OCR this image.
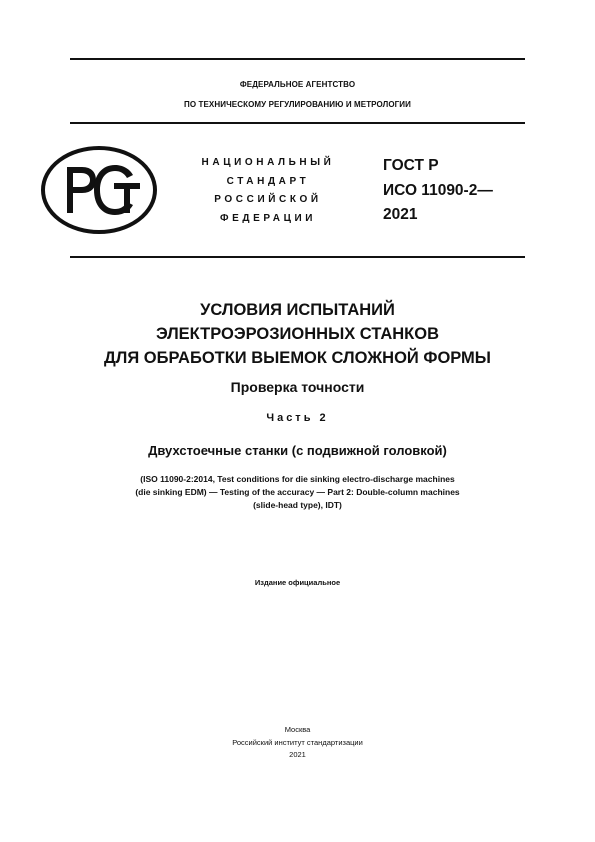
ФЕДЕРАЛЬНОЕ АГЕНТСТВО
ПО ТЕХНИЧЕСКОМУ РЕГУЛИРОВАНИЮ И МЕТРОЛОГИИ
НАЦИОНАЛЬНЫЙ
СТАНДАРТ
РОССИЙСКОЙ
ФЕДЕРАЦИИ
ГОСТ Р
ИСО 11090-2—
2021
УСЛОВИЯ ИСПЫТАНИЙ
ЭЛЕКТРОЭРОЗИОННЫХ СТАНКОВ
ДЛЯ ОБРАБОТКИ ВЫЕМОК СЛОЖНОЙ ФОРМЫ
Проверка точности
Часть 2
Двухстоечные станки (с подвижной головкой)
(ISO 11090-2:2014, Test conditions for die sinking electro-discharge machines
(die sinking EDM) — Testing of the accuracy — Part 2: Double-column machines
(slide-head type), IDT)
Издание официальное
Москва
Российский институт стандартизации
2021
